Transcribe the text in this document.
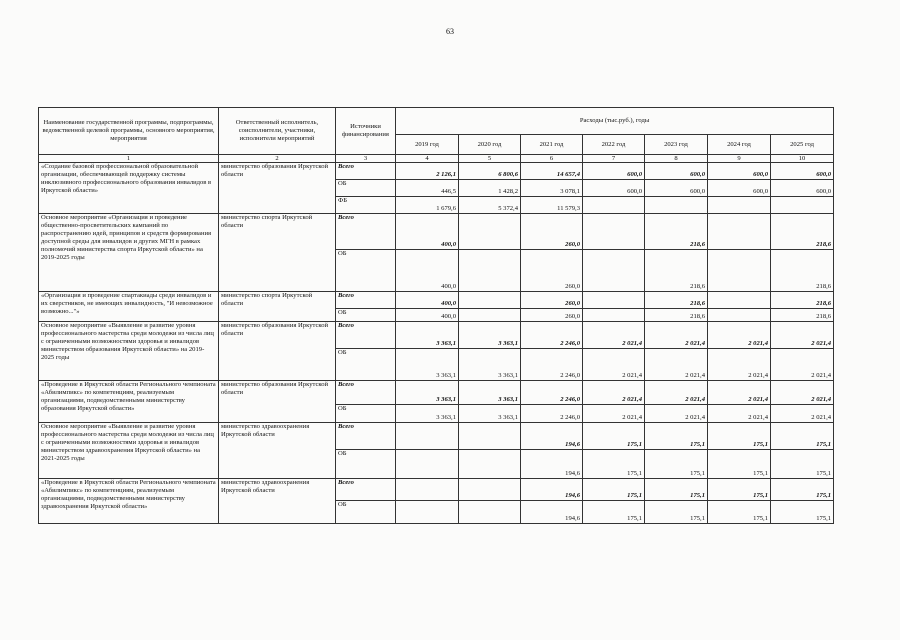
63
Наименование государственной программы, подпрограммы, ведомственной целевой программы, основного мероприятия, мероприятия	Ответственный исполнитель, соисполнители, участники, исполнители мероприятий	Источники финансирования	Расходы (тыс.руб.), годы						
			2019 год	2020 год	2021 год	2022 год	2023 год	2024 год	2025 год
1	2	3	4	5	6	7	8	9	10
«Создание базовой профессиональной образовательной организации, обеспечивающей поддержку системы инклюзивного профессионального образования инвалидов в Иркутской области»	министерство образования Иркутской области	Всего	2 126,1	6 800,6	14 657,4	600,0	600,0	600,0	600,0
		ОБ	446,5	1 428,2	3 078,1	600,0	600,0	600,0	600,0
		ФБ	1 679,6	5 372,4	11 579,3				
Основное мероприятие «Организация и проведение общественно-просветительских кампаний по распространению идей, принципов и средств формирования доступной среды для инвалидов и других МГН в рамках полномочий министерства спорта Иркутской области» на 2019-2025 годы	министерство спорта Иркутской области	Всего	400,0		260,0		218,6		218,6
		ОБ	400,0		260,0		218,6		218,6
«Организация и проведение спартакиады среди инвалидов и их сверстников, не имеющих инвалидность, "И невозможное возможно..."»	министерство спорта Иркутской области	Всего	400,0		260,0		218,6		218,6
		ОБ	400,0		260,0		218,6		218,6
Основное мероприятие «Выявление и развитие уровня профессионального мастерства среди молодежи из числа лиц с ограниченными возможностями здоровья и инвалидов министерством образования Иркутской области» на 2019-2025 годы	министерство образования Иркутской области	Всего	3 363,1	3 363,1	2 246,0	2 021,4	2 021,4	2 021,4	2 021,4
		ОБ	3 363,1	3 363,1	2 246,0	2 021,4	2 021,4	2 021,4	2 021,4
«Проведение в Иркутской области Регионального чемпионата «Абилимпикс» по компетенциям, реализуемым организациями, подведомственными министерству образования Иркутской области»	министерство образования Иркутской области	Всего	3 363,1	3 363,1	2 246,0	2 021,4	2 021,4	2 021,4	2 021,4
		ОБ	3 363,1	3 363,1	2 246,0	2 021,4	2 021,4	2 021,4	2 021,4
Основное мероприятие «Выявление и развитие уровня профессионального мастерства среди молодежи из числа лиц с ограниченными возможностями здоровья и инвалидов министерством здравоохранения Иркутской области» на 2021-2025 годы	министерство здравоохранения Иркутской области	Всего			194,6	175,1	175,1	175,1	175,1
		ОБ			194,6	175,1	175,1	175,1	175,1
«Проведение в Иркутской области Регионального чемпионата «Абилимпикс» по компетенциям, реализуемым организациями, подведомственными министерству здравоохранения Иркутской области»	министерство здравоохранения Иркутской области	Всего			194,6	175,1	175,1	175,1	175,1
		ОБ			194,6	175,1	175,1	175,1	175,1
